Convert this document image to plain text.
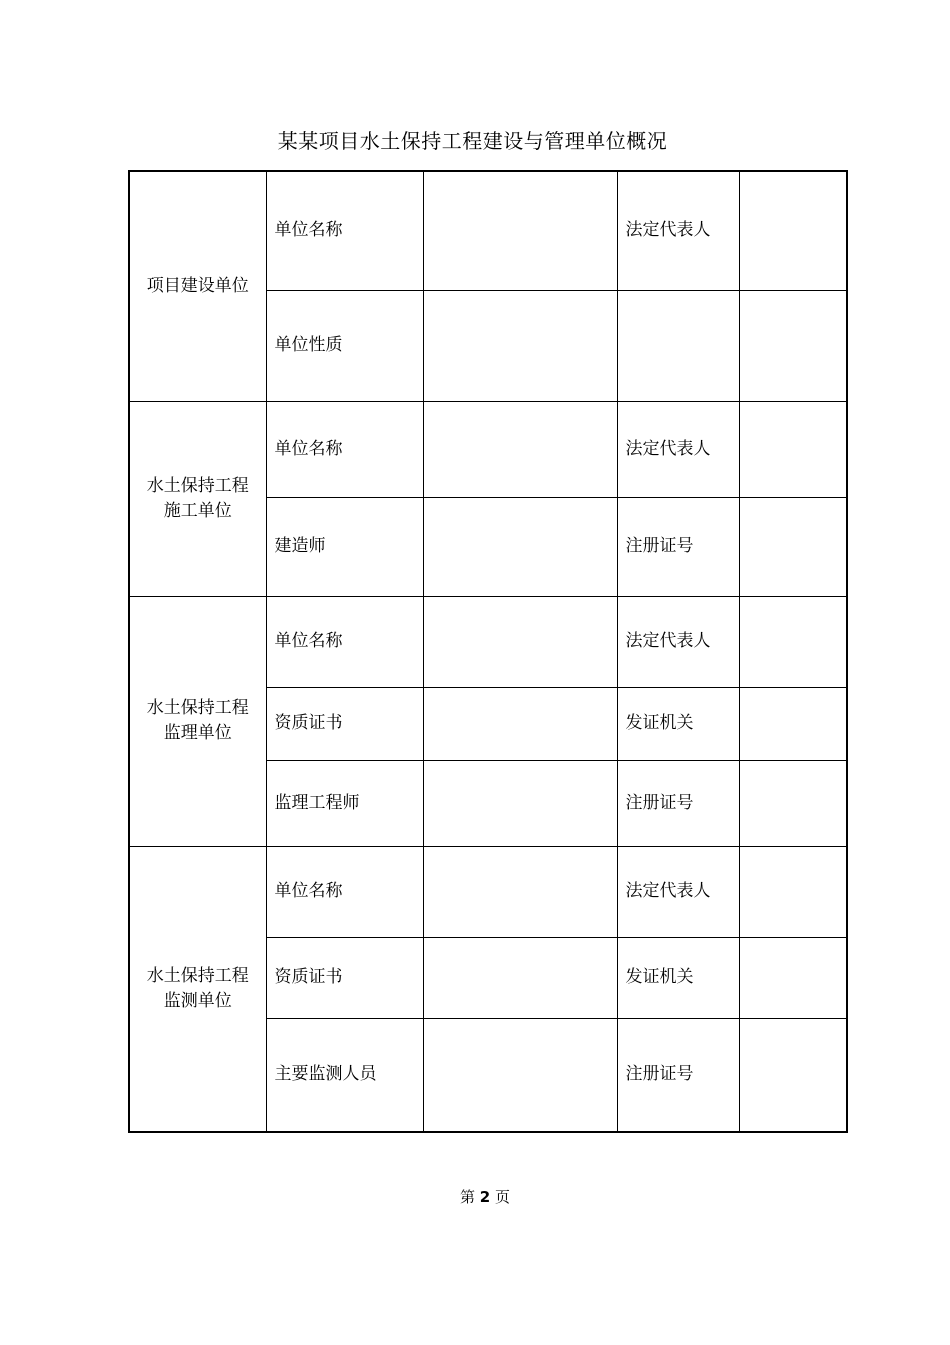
某某项目水土保持工程建设与管理单位概况
项目建设单位	单位名称		法定代表人	
	单位性质			
水土保持工程施工单位	单位名称		法定代表人	
	建造师		注册证号	
水土保持工程监理单位	单位名称		法定代表人	
	资质证书		发证机关	
	监理工程师		注册证号	
水土保持工程监测单位	单位名称		法定代表人	
	资质证书		发证机关	
	主要监测人员		注册证号	
第 2 页
